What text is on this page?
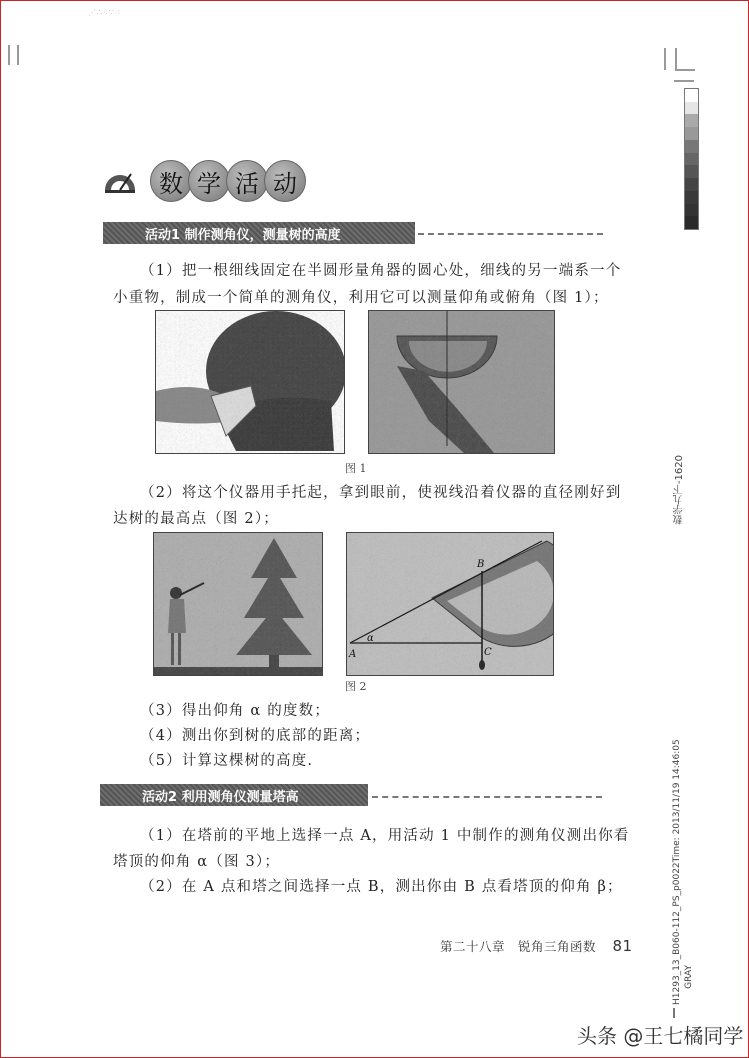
⋰∴⁖∵⁘
数 学 活 动
活动1 制作测角仪，测量树的高度
（1）把一根细线固定在半圆形量角器的圆心处，细线的另一端系一个
小重物，制成一个简单的测角仪，利用它可以测量仰角或俯角（图 1）；
图 1
（2）将这个仪器用手托起，拿到眼前，使视线沿着仪器的直径刚好到
达树的最高点（图 2）；
A
B
C
α
图 2
（3）得出仰角 α 的度数；
（4）测出你到树的底部的距离；
（5）计算这棵树的高度.
活动2 利用测角仪测量塔高
（1）在塔前的平地上选择一点 A，用活动 1 中制作的测角仪测出你看
塔顶的仰角 α（图 3）；
（2）在 A 点和塔之间选择一点 B，测出你由 B 点看塔顶的仰角 β；
第二十八章　锐角三角函数 81
数学九下-1620
H1293_13_B060-112_PS_p0022Time: 2013/11/19 14:46:05 GRAY
头条 @王七橘同学
